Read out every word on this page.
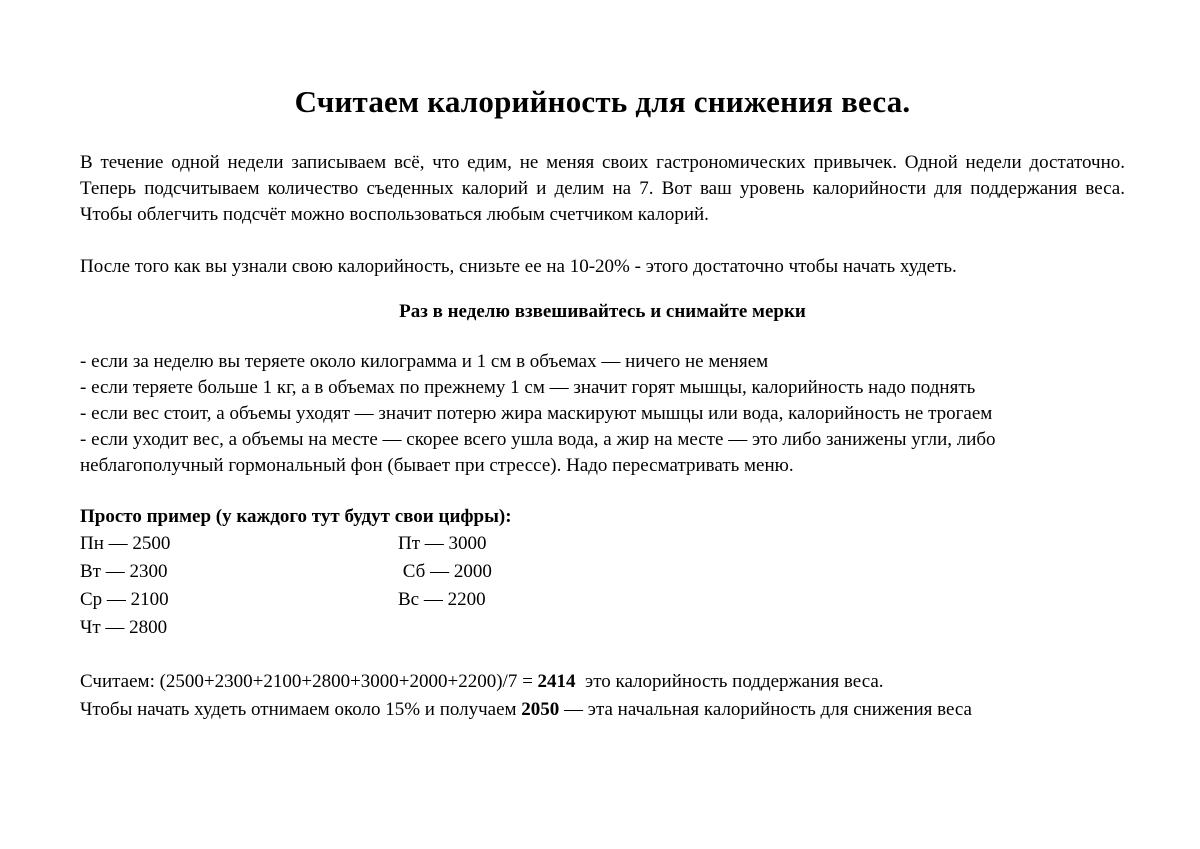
Считаем калорийность для снижения веса.

В течение одной недели записываем всё, что едим, не меняя своих гастрономических привычек. Одной недели достаточно. Теперь подсчитываем количество съеденных калорий и делим на 7. Вот ваш уровень калорийности для поддержания веса. Чтобы облегчить подсчёт можно воспользоваться любым счетчиком калорий.

После того как вы узнали свою калорийность, снизьте ее на 10-20% - этого достаточно чтобы начать худеть.

Раз в неделю взвешивайтесь и снимайте мерки

- если за неделю вы теряете около килограмма и 1 см в объемах — ничего не меняем

- если теряете больше 1 кг, а в объемах по прежнему 1 см — значит горят мышцы, калорийность надо поднять

- если вес стоит, а объемы уходят — значит потерю жира маскируют мышцы или вода, калорийность не трогаем

- если уходит вес, а объемы на месте — скорее всего ушла вода, а жир на месте — это либо занижены угли, либо неблагополучный гормональный фон (бывает при стрессе). Надо пересматривать меню.

Просто пример (у каждого тут будут свои цифры):

Пн — 2500

Вт — 2300

Ср — 2100

Чт — 2800

Пт — 3000

Сб — 2000

Вс — 2200

Считаем: (2500+2300+2100+2800+3000+2000+2200)/7 = 2414  это калорийность поддержания веса.

Чтобы начать худеть отнимаем около 15% и получаем 2050 — эта начальная калорийность для снижения веса
